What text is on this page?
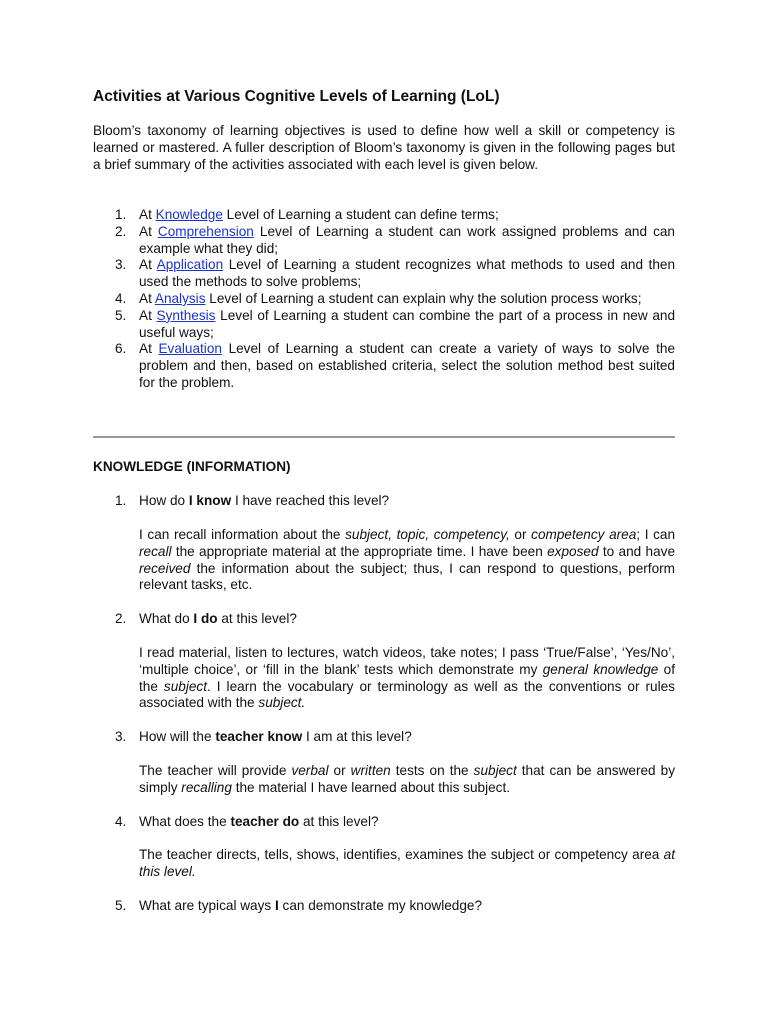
Activities at Various Cognitive Levels of Learning (LoL)
Bloom’s taxonomy of learning objectives is used to define how well a skill or competency is learned or mastered. A fuller description of Bloom’s taxonomy is given in the following pages but a brief summary of the activities associated with each level is given below.
1. At Knowledge Level of Learning a student can define terms;
2. At Comprehension Level of Learning a student can work assigned problems and can example what they did;
3. At Application Level of Learning a student recognizes what methods to used and then used the methods to solve problems;
4. At Analysis Level of Learning a student can explain why the solution process works;
5. At Synthesis Level of Learning a student can combine the part of a process in new and useful ways;
6. At Evaluation Level of Learning a student can create a variety of ways to solve the problem and then, based on established criteria, select the solution method best suited for the problem.
KNOWLEDGE (INFORMATION)
1. How do I know I have reached this level?
I can recall information about the subject, topic, competency, or competency area; I can recall the appropriate material at the appropriate time. I have been exposed to and have received the information about the subject; thus, I can respond to questions, perform relevant tasks, etc.
2. What do I do at this level?
I read material, listen to lectures, watch videos, take notes; I pass ‘True/False’, ‘Yes/No’, ‘multiple choice’, or ‘fill in the blank’ tests which demonstrate my general knowledge of the subject. I learn the vocabulary or terminology as well as the conventions or rules associated with the subject.
3. How will the teacher know I am at this level?
The teacher will provide verbal or written tests on the subject that can be answered by simply recalling the material I have learned about this subject.
4. What does the teacher do at this level?
The teacher directs, tells, shows, identifies, examines the subject or competency area at this level.
5. What are typical ways I can demonstrate my knowledge?
